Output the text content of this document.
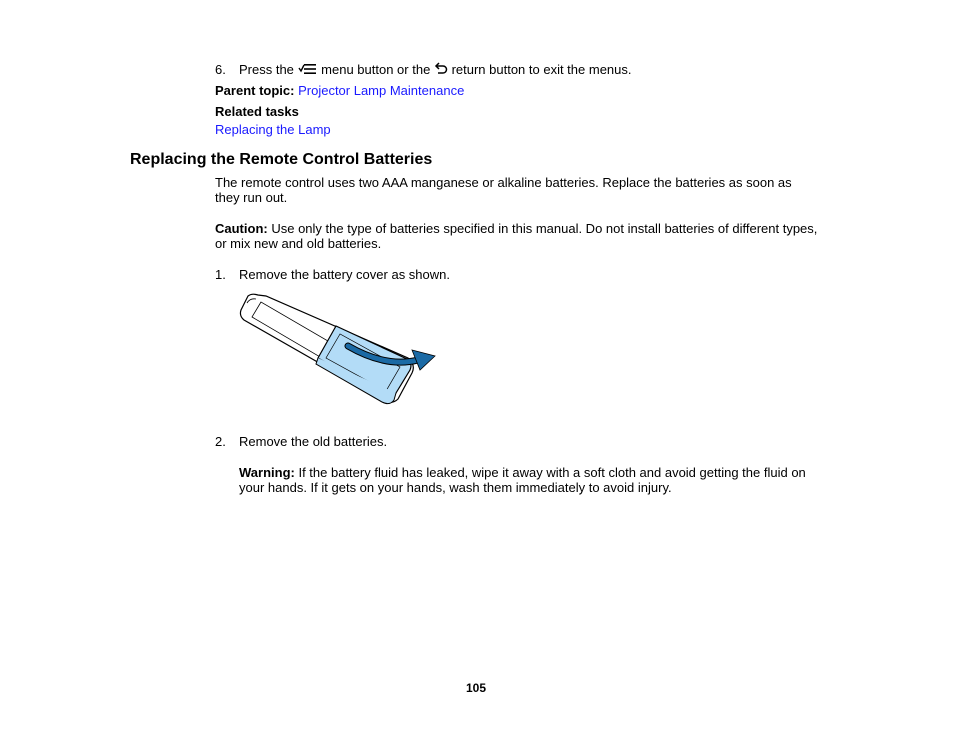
6. Press the menu button or the return button to exit the menus.
Parent topic: Projector Lamp Maintenance
Related tasks
Replacing the Lamp
Replacing the Remote Control Batteries
The remote control uses two AAA manganese or alkaline batteries. Replace the batteries as soon as
they run out.
Caution: Use only the type of batteries specified in this manual. Do not install batteries of different types,
or mix new and old batteries.
1. Remove the battery cover as shown.
2. Remove the old batteries.
Warning: If the battery fluid has leaked, wipe it away with a soft cloth and avoid getting the fluid on
your hands. If it gets on your hands, wash them immediately to avoid injury.
105
